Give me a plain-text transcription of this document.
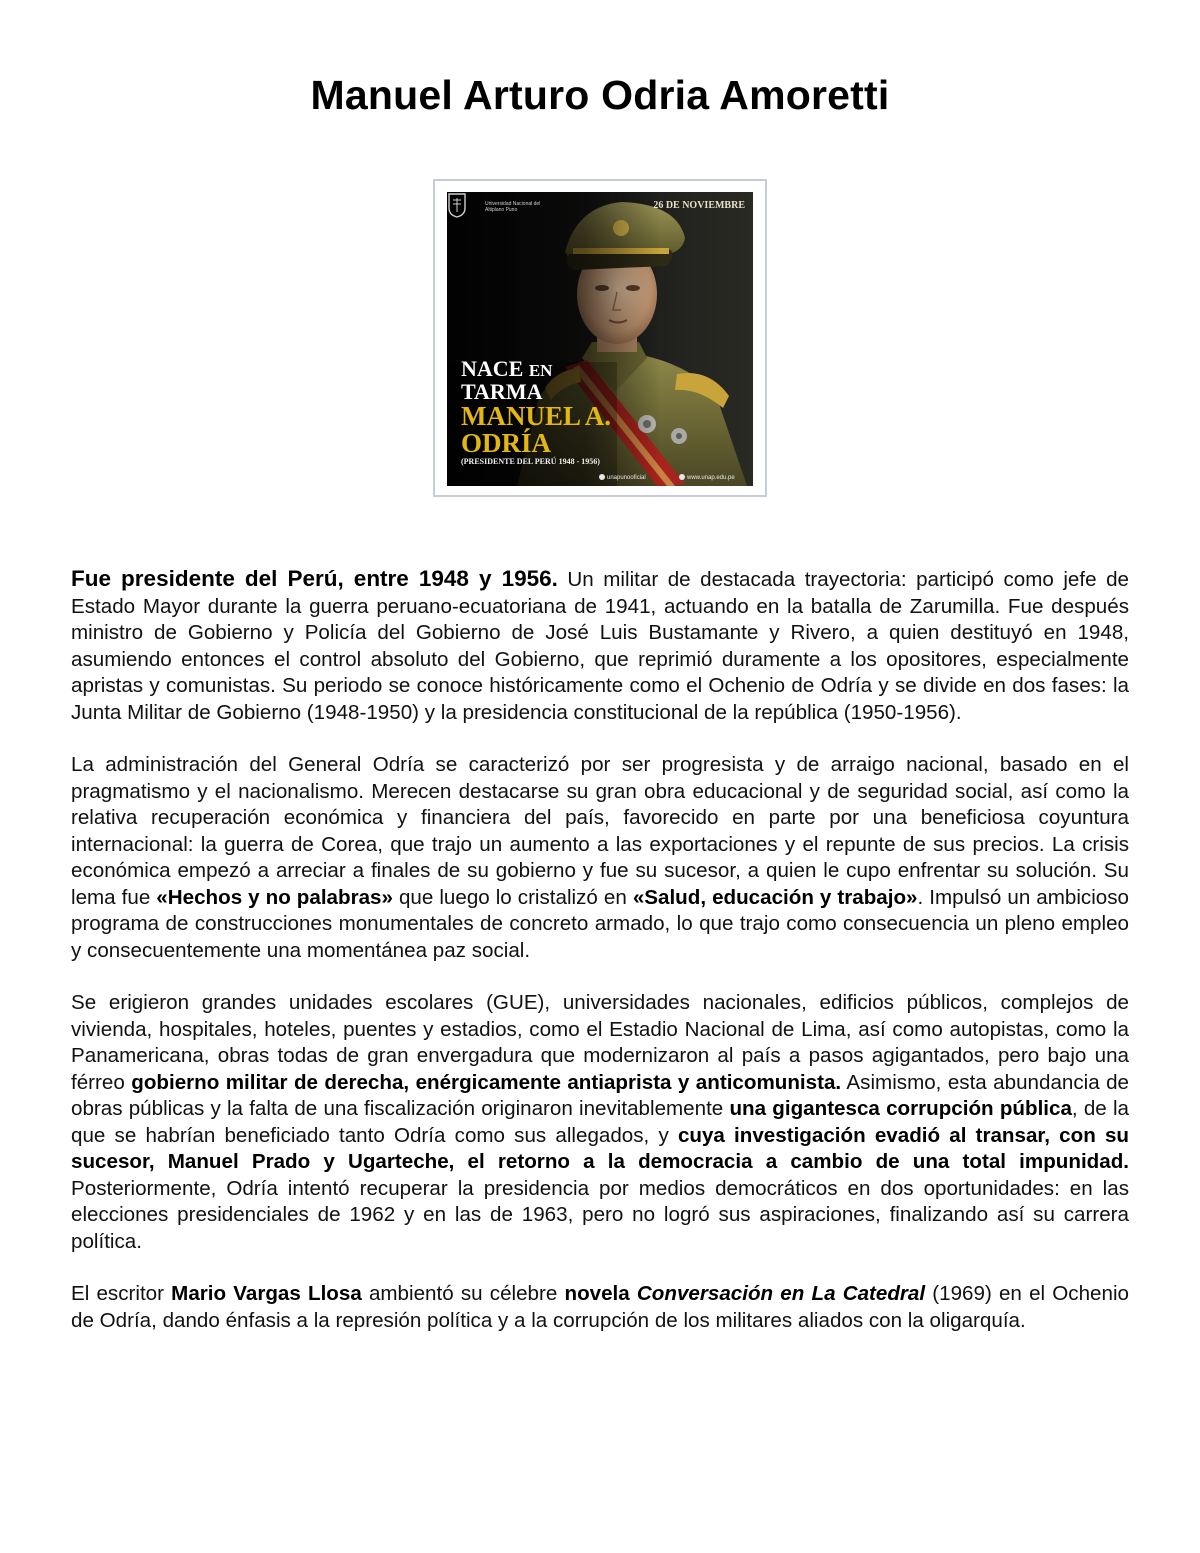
Manuel Arturo Odria Amoretti
Universidad Nacional del Altiplano Puno	26 DE NOVIEMBRE
NACE EN
TARMA
MANUEL A.
ODRÍA
(PRESIDENTE DEL PERÚ 1948 - 1956)
unapunooficial	www.unap.edu.pe

Fue presidente del Perú, entre 1948 y 1956. Un militar de destacada trayectoria: participó como jefe de Estado Mayor durante la guerra peruano-ecuatoriana de 1941, actuando en la batalla de Zarumilla. Fue después ministro de Gobierno y Policía del Gobierno de José Luis Bustamante y Rivero, a quien destituyó en 1948, asumiendo entonces el control absoluto del Gobierno, que reprimió duramente a los opositores, especialmente apristas y comunistas. Su periodo se conoce históricamente como el Ochenio de Odría y se divide en dos fases: la Junta Militar de Gobierno (1948-1950) y la presidencia constitucional de la república (1950-1956).

La administración del General Odría se caracterizó por ser progresista y de arraigo nacional, basado en el pragmatismo y el nacionalismo. Merecen destacarse su gran obra educacional y de seguridad social, así como la relativa recuperación económica y financiera del país, favorecido en parte por una beneficiosa coyuntura internacional: la guerra de Corea, que trajo un aumento a las exportaciones y el repunte de sus precios. La crisis económica empezó a arreciar a finales de su gobierno y fue su sucesor, a quien le cupo enfrentar su solución. Su lema fue «Hechos y no palabras» que luego lo cristalizó en «Salud, educación y trabajo». Impulsó un ambicioso programa de construcciones monumentales de concreto armado, lo que trajo como consecuencia un pleno empleo y consecuentemente una momentánea paz social.

Se erigieron grandes unidades escolares (GUE), universidades nacionales, edificios públicos, complejos de vivienda, hospitales, hoteles, puentes y estadios, como el Estadio Nacional de Lima, así como autopistas, como la Panamericana, obras todas de gran envergadura que modernizaron al país a pasos agigantados, pero bajo una férreo gobierno militar de derecha, enérgicamente antiaprista y anticomunista. Asimismo, esta abundancia de obras públicas y la falta de una fiscalización originaron inevitablemente una gigantesca corrupción pública, de la que se habrían beneficiado tanto Odría como sus allegados, y cuya investigación evadió al transar, con su sucesor, Manuel Prado y Ugarteche, el retorno a la democracia a cambio de una total impunidad. Posteriormente, Odría intentó recuperar la presidencia por medios democráticos en dos oportunidades: en las elecciones presidenciales de 1962 y en las de 1963, pero no logró sus aspiraciones, finalizando así su carrera política.

El escritor Mario Vargas Llosa ambientó su célebre novela Conversación en La Catedral (1969) en el Ochenio de Odría, dando énfasis a la represión política y a la corrupción de los militares aliados con la oligarquía.
